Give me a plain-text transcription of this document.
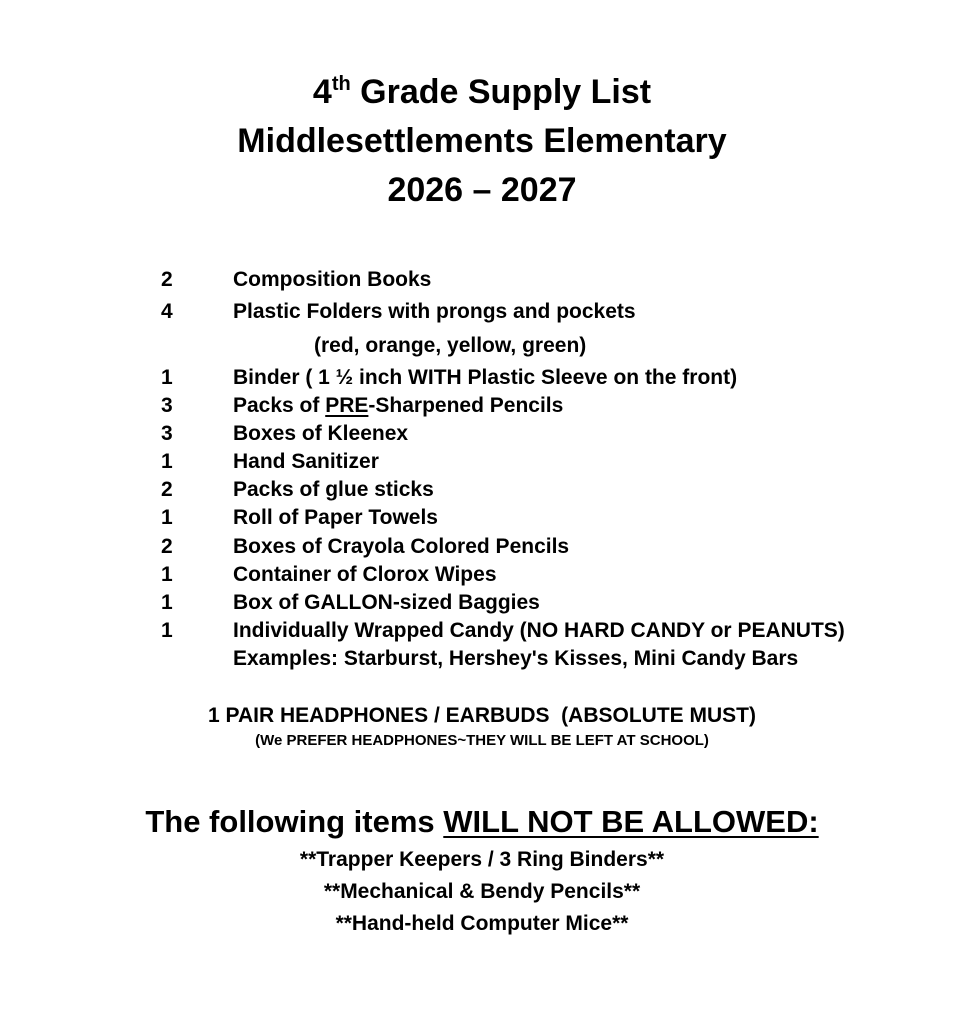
4th Grade Supply List
Middlesettlements Elementary
2026 – 2027
2	Composition Books
4	Plastic Folders with prongs and pockets
(red, orange, yellow, green)
1	Binder ( 1 ½ inch WITH Plastic Sleeve on the front)
3	Packs of PRE-Sharpened Pencils
3	Boxes of Kleenex
1	Hand Sanitizer
2	Packs of glue sticks
1	Roll of Paper Towels
2	Boxes of Crayola Colored Pencils
1	Container of Clorox Wipes
1	Box of GALLON-sized Baggies
1	Individually Wrapped Candy (NO HARD CANDY or PEANUTS)
Examples: Starburst, Hershey's Kisses, Mini Candy Bars
1 PAIR HEADPHONES / EARBUDS  (ABSOLUTE MUST)
(We PREFER HEADPHONES~THEY WILL BE LEFT AT SCHOOL)
The following items WILL NOT BE ALLOWED:
**Trapper Keepers / 3 Ring Binders**
**Mechanical & Bendy Pencils**
**Hand-held Computer Mice**
